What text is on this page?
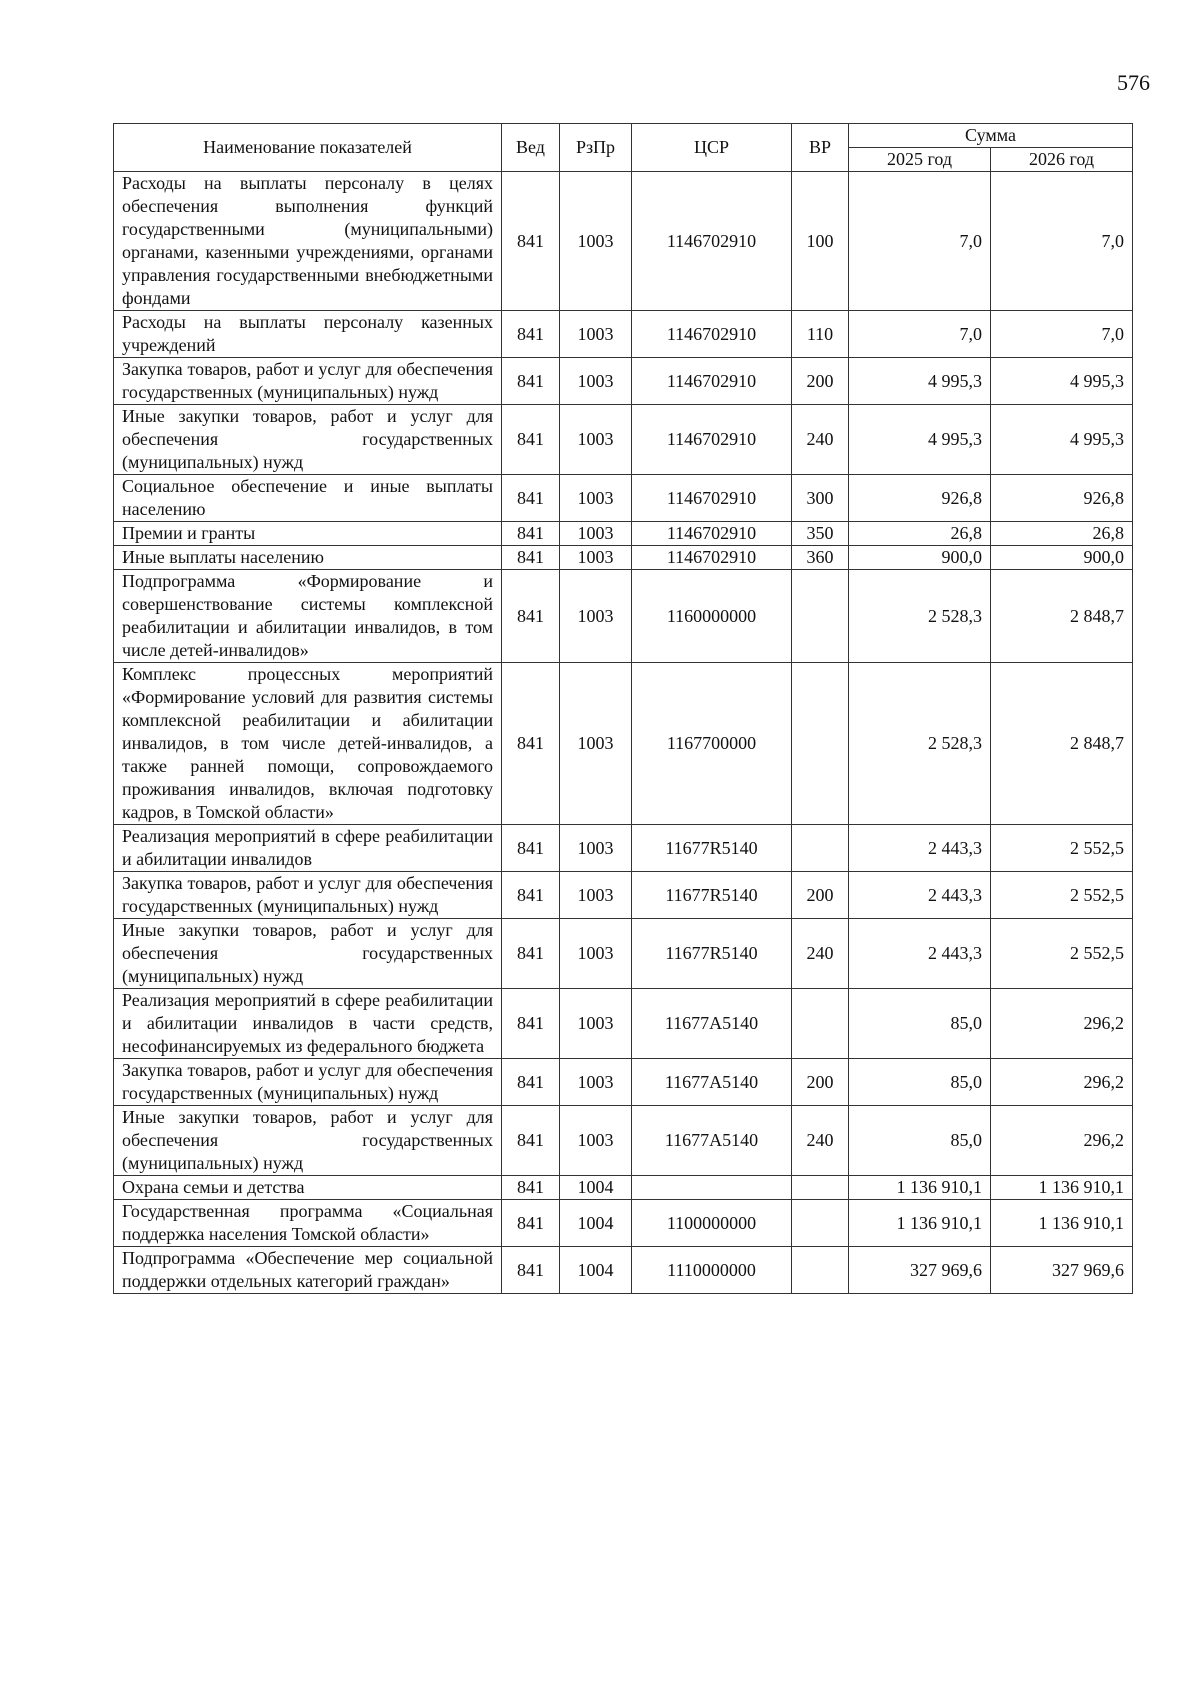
576
Наименование показателей	Вед	РзПр	ЦСР	ВР	Сумма	
					2025 год	2026 год
Расходы на выплаты персоналу в целях обеспечения выполнения функций государственными (муниципальными) органами, казенными учреждениями, органами управления государственными внебюджетными фондами	841	1003	1146702910	100	7,0	7,0
Расходы на выплаты персоналу казенных учреждений	841	1003	1146702910	110	7,0	7,0
Закупка товаров, работ и услуг для обеспечения государственных (муниципальных) нужд	841	1003	1146702910	200	4 995,3	4 995,3
Иные закупки товаров, работ и услуг для обеспечения государственных (муниципальных) нужд	841	1003	1146702910	240	4 995,3	4 995,3
Социальное обеспечение и иные выплаты населению	841	1003	1146702910	300	926,8	926,8
Премии и гранты	841	1003	1146702910	350	26,8	26,8
Иные выплаты населению	841	1003	1146702910	360	900,0	900,0
Подпрограмма «Формирование и совершенствование системы комплексной реабилитации и абилитации инвалидов, в том числе детей-инвалидов»	841	1003	1160000000		2 528,3	2 848,7
Комплекс процессных мероприятий «Формирование условий для развития системы комплексной реабилитации и абилитации инвалидов, в том числе детей-инвалидов, а также ранней помощи, сопровождаемого проживания инвалидов, включая подготовку кадров, в Томской области»	841	1003	1167700000		2 528,3	2 848,7
Реализация мероприятий в сфере реабилитации и абилитации инвалидов	841	1003	11677R5140		2 443,3	2 552,5
Закупка товаров, работ и услуг для обеспечения государственных (муниципальных) нужд	841	1003	11677R5140	200	2 443,3	2 552,5
Иные закупки товаров, работ и услуг для обеспечения государственных (муниципальных) нужд	841	1003	11677R5140	240	2 443,3	2 552,5
Реализация мероприятий в сфере реабилитации и абилитации инвалидов в части средств, несофинансируемых из федерального бюджета	841	1003	11677A5140		85,0	296,2
Закупка товаров, работ и услуг для обеспечения государственных (муниципальных) нужд	841	1003	11677A5140	200	85,0	296,2
Иные закупки товаров, работ и услуг для обеспечения государственных (муниципальных) нужд	841	1003	11677A5140	240	85,0	296,2
Охрана семьи и детства	841	1004			1 136 910,1	1 136 910,1
Государственная программа «Социальная поддержка населения Томской области»	841	1004	1100000000		1 136 910,1	1 136 910,1
Подпрограмма «Обеспечение мер социальной поддержки отдельных категорий граждан»	841	1004	1110000000		327 969,6	327 969,6
